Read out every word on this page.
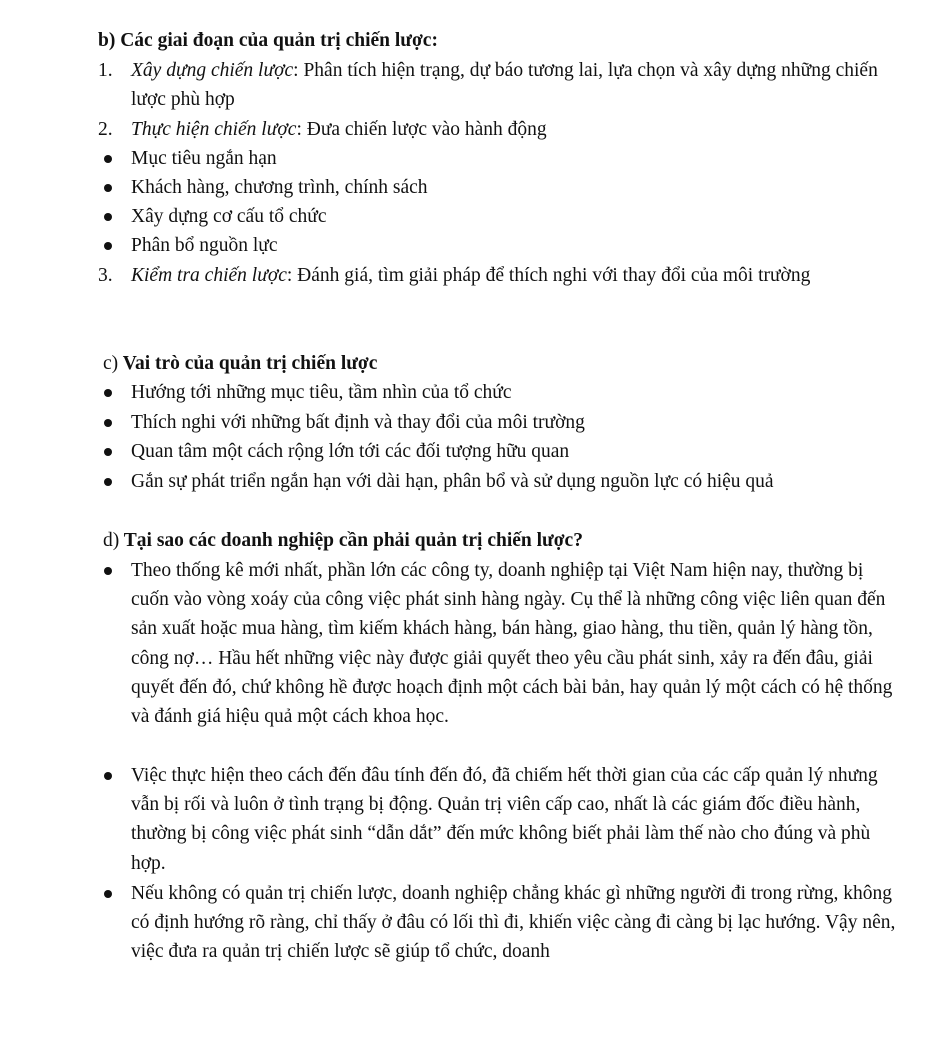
b) Các giai đoạn của quản trị chiến lược:
1. Xây dựng chiến lược: Phân tích hiện trạng, dự báo tương lai, lựa chọn và xây dựng những chiến lược phù hợp
2. Thực hiện chiến lược: Đưa chiến lược vào hành động
Mục tiêu ngắn hạn
Khách hàng, chương trình, chính sách
Xây dựng cơ cấu tổ chức
Phân bổ nguồn lực
3. Kiểm tra chiến lược: Đánh giá, tìm giải pháp để thích nghi với thay đổi của môi trường
c) Vai trò của quản trị chiến lược
Hướng tới những mục tiêu, tầm nhìn của tổ chức
Thích nghi với những bất định và thay đổi của môi trường
Quan tâm một cách rộng lớn tới các đối tượng hữu quan
Gắn sự phát triển ngắn hạn với dài hạn, phân bổ và sử dụng nguồn lực có hiệu quả
d) Tại sao các doanh nghiệp cần phải quản trị chiến lược?
Theo thống kê mới nhất, phần lớn các công ty, doanh nghiệp tại Việt Nam hiện nay, thường bị cuốn vào vòng xoáy của công việc phát sinh hàng ngày. Cụ thể là những công việc liên quan đến sản xuất hoặc mua hàng, tìm kiếm khách hàng, bán hàng, giao hàng, thu tiền, quản lý hàng tồn, công nợ… Hầu hết những việc này được giải quyết theo yêu cầu phát sinh, xảy ra đến đâu, giải quyết đến đó, chứ không hề được hoạch định một cách bài bản, hay quản lý một cách có hệ thống và đánh giá hiệu quả một cách khoa học.
Việc thực hiện theo cách đến đâu tính đến đó, đã chiếm hết thời gian của các cấp quản lý nhưng vẫn bị rối và luôn ở tình trạng bị động. Quản trị viên cấp cao, nhất là các giám đốc điều hành, thường bị công việc phát sinh “dẫn dắt” đến mức không biết phải làm thế nào cho đúng và phù hợp.
Nếu không có quản trị chiến lược, doanh nghiệp chẳng khác gì những người đi trong rừng, không có định hướng rõ ràng, chỉ thấy ở đâu có lối thì đi, khiến việc càng đi càng bị lạc hướng. Vậy nên, việc đưa ra quản trị chiến lược sẽ giúp tổ chức, doanh
